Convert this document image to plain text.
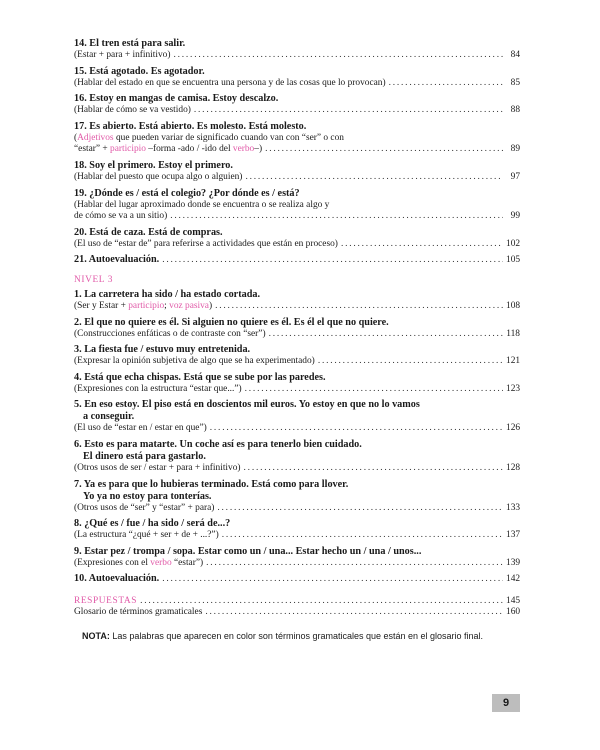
14. El tren está para salir.
(Estar + para + infinitivo) .....	84
15. Está agotado. Es agotador.
(Hablar del estado en que se encuentra una persona y de las cosas que lo provocan) .....	85
16. Estoy en mangas de camisa. Estoy descalzo.
(Hablar de cómo se va vestido) .....	88
17. Es abierto. Está abierto. Es molesto. Está molesto.
(Adjetivos que pueden variar de significado cuando van con “ser” o con
“estar” + participio –forma -ado / -ido del verbo–) .....	89
18. Soy el primero. Estoy el primero.
(Hablar del puesto que ocupa algo o alguien) .....	97
19. ¿Dónde es / está el colegio? ¿Por dónde es / está?
(Hablar del lugar aproximado donde se encuentra o se realiza algo y
de cómo se va a un sitio) .....	99
20. Está de caza. Está de compras.
(El uso de “estar de” para referirse a actividades que están en proceso) .....	102
21. Autoevaluación. .....	105
NIVEL 3
1. La carretera ha sido / ha estado cortada.
(Ser y Estar + participio; voz pasiva) .....	108
2. El que no quiere es él. Si alguien no quiere es él. Es él el que no quiere.
(Construcciones enfáticas o de contraste con “ser”) .....	118
3. La fiesta fue / estuvo muy entretenida.
(Expresar la opinión subjetiva de algo que se ha experimentado) .....	121
4. Está que echa chispas. Está que se sube por las paredes.
(Expresiones con la estructura “estar que...”) .....	123
5. En eso estoy. El piso está en doscientos mil euros. Yo estoy en que no lo vamos
a conseguir.
(El uso de “estar en / estar en que”) .....	126
6. Esto es para matarte. Un coche así es para tenerlo bien cuidado.
El dinero está para gastarlo.
(Otros usos de ser / estar + para + infinitivo) .....	128
7. Ya es para que lo hubieras terminado. Está como para llover.
Yo ya no estoy para tonterías.
(Otros usos de “ser” y “estar” + para) .....	133
8. ¿Qué es / fue / ha sido / será de...?
(La estructura “¿qué + ser + de + ...?”) .....	137
9. Estar pez / trompa / sopa. Estar como un / una... Estar hecho un / una / unos...
(Expresiones con el verbo “estar”) .....	139
10. Autoevaluación. .....	142
RESPUESTAS .....	145
Glosario de términos gramaticales .....	160
NOTA: Las palabras que aparecen en color son términos gramaticales que están en el glosario final.
9
